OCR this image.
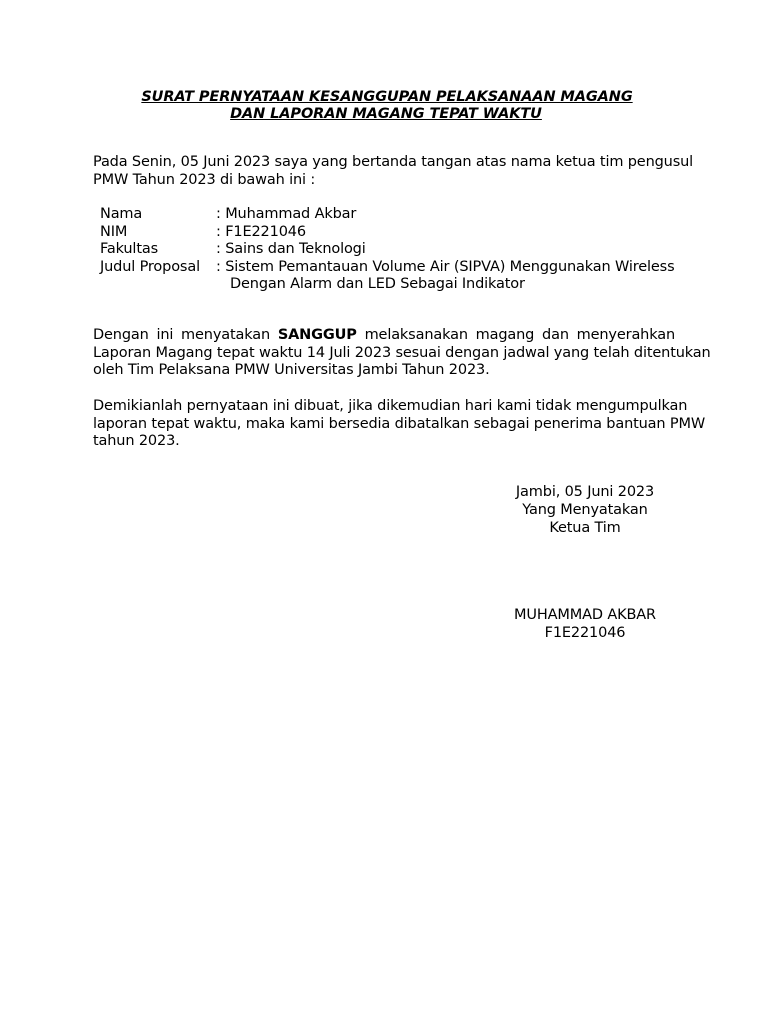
SURAT PERNYATAAN KESANGGUPAN PELAKSANAAN MAGANG
DAN LAPORAN MAGANG TEPAT WAKTU
Pada Senin, 05 Juni 2023 saya yang bertanda tangan atas nama ketua tim pengusul
PMW Tahun 2023 di bawah ini :
Nama	: Muhammad Akbar
NIM	: F1E221046
Fakultas	: Sains dan Teknologi
Judul Proposal : Sistem Pemantauan Volume Air (SIPVA) Menggunakan Wireless
Dengan Alarm dan LED Sebagai Indikator
Dengan ini menyatakan SANGGUP melaksanakan magang dan menyerahkan
Laporan Magang tepat waktu 14 Juli 2023 sesuai dengan jadwal yang telah ditentukan
oleh Tim Pelaksana PMW Universitas Jambi Tahun 2023.
Demikianlah pernyataan ini dibuat, jika dikemudian hari kami tidak mengumpulkan
laporan tepat waktu, maka kami bersedia dibatalkan sebagai penerima bantuan PMW
tahun 2023.
Jambi, 05 Juni 2023
Yang Menyatakan
Ketua Tim
MUHAMMAD AKBAR
F1E221046
